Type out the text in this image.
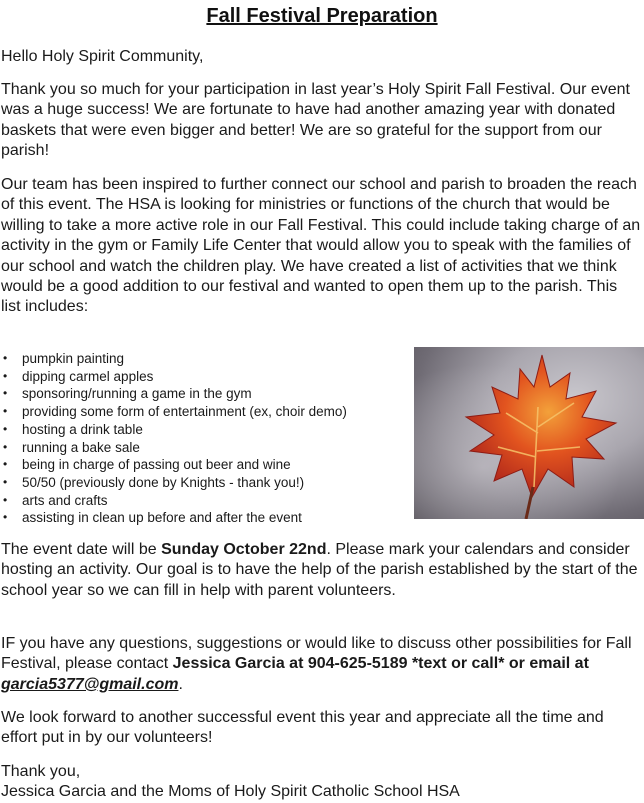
Fall Festival Preparation

Hello Holy Spirit Community,

Thank you so much for your participation in last year’s Holy Spirit Fall Festival. Our event was a huge success! We are fortunate to have had another amazing year with donated baskets that were even bigger and better! We are so grateful for the support from our parish!

Our team has been inspired to further connect our school and parish to broaden the reach of this event. The HSA is looking for ministries or functions of the church that would be willing to take a more active role in our Fall Festival. This could include taking charge of an activity in the gym or Family Life Center that would allow you to speak with the families of our school and watch the children play. We have created a list of activities that we think would be a good addition to our festival and wanted to open them up to the parish. This list includes:

• pumpkin painting
• dipping carmel apples
• sponsoring/running a game in the gym
• providing some form of entertainment (ex, choir demo)
• hosting a drink table
• running a bake sale
• being in charge of passing out beer and wine
• 50/50 (previously done by Knights - thank you!)
• arts and crafts
• assisting in clean up before and after the event

The event date will be Sunday October 22nd. Please mark your calendars and consider hosting an activity. Our goal is to have the help of the parish established by the start of the school year so we can fill in help with parent volunteers.

IF you have any questions, suggestions or would like to discuss other possibilities for Fall Festival, please contact Jessica Garcia at 904-625-5189 *text or call* or email at garcia5377@gmail.com.

We look forward to another successful event this year and appreciate all the time and effort put in by our volunteers!

Thank you,

Jessica Garcia and the Moms of Holy Spirit Catholic School HSA
